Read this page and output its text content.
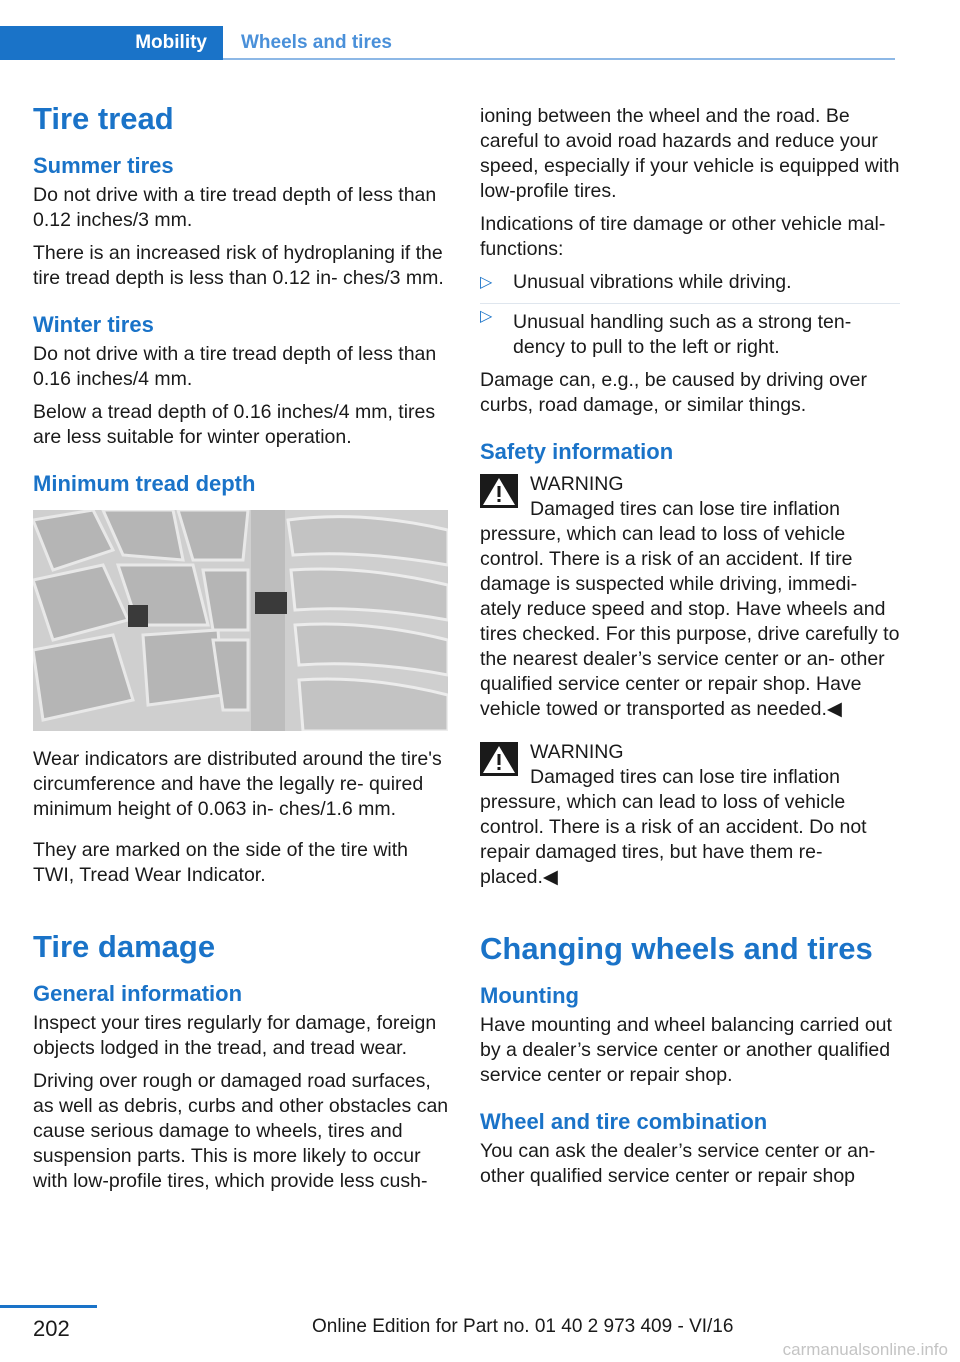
Mobility	Wheels and tires
Tire tread
Summer tires

Do not drive with a tire tread depth of less than 0.12 inches/3 mm.

There is an increased risk of hydroplaning if the tire tread depth is less than 0.12 in‐ ches/3 mm.

Winter tires

Do not drive with a tire tread depth of less than 0.16 inches/4 mm.

Below a tread depth of 0.16 inches/4 mm, tires are less suitable for winter operation.

Minimum tread depth

Wear indicators are distributed around the tire's circumference and have the legally re‐ quired minimum height of 0.063 in‐ ches/1.6 mm.

They are marked on the side of the tire with TWI, Tread Wear Indicator.

Tire damage
General information

Inspect your tires regularly for damage, foreign objects lodged in the tread, and tread wear.

Driving over rough or damaged road surfaces, as well as debris, curbs and other obstacles can cause serious damage to wheels, tires and suspension parts. This is more likely to occur with low-profile tires, which provide less cush‐

ioning between the wheel and the road. Be careful to avoid road hazards and reduce your speed, especially if your vehicle is equipped with low-profile tires.

Indications of tire damage or other vehicle mal‐ functions:

▷ Unusual vibrations while driving.
▷ Unusual handling such as a strong ten‐ dency to pull to the left or right.

Damage can, e.g., be caused by driving over curbs, road damage, or similar things.

Safety information
WARNING
Damaged tires can lose tire inflation pressure, which can lead to loss of vehicle control. There is a risk of an accident. If tire damage is suspected while driving, immedi‐ ately reduce speed and stop. Have wheels and tires checked. For this purpose, drive carefully to the nearest dealer’s service center or an‐ other qualified service center or repair shop. Have vehicle towed or transported as needed.◀
WARNING
Damaged tires can lose tire inflation pressure, which can lead to loss of vehicle control. There is a risk of an accident. Do not repair damaged tires, but have them re‐ placed.◀
Changing wheels and tires
Mounting

Have mounting and wheel balancing carried out by a dealer’s service center or another qualified service center or repair shop.

Wheel and tire combination

You can ask the dealer’s service center or an‐ other qualified service center or repair shop

202	Online Edition for Part no. 01 40 2 973 409 - VI/16
carmanualsonline.info
